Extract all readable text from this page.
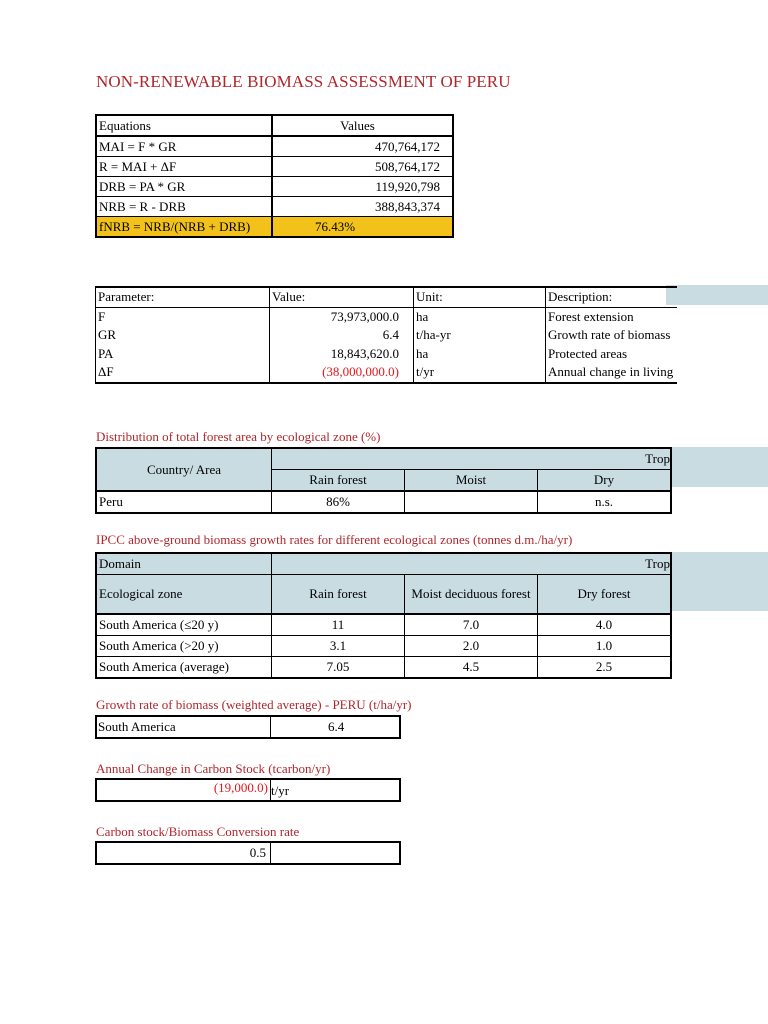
NON-RENEWABLE BIOMASS ASSESSMENT OF PERU
Equations	Values
MAI = F * GR	470,764,172
R = MAI + ΔF	508,764,172
DRB = PA * GR	119,920,798
NRB = R - DRB	388,843,374
fNRB = NRB/(NRB + DRB)	76.43%
Parameter:	Value:	Unit:	Description:
F	73,973,000.0	ha	Forest extension
GR	6.4	t/ha-yr	Growth rate of biomass
PA	18,843,620.0	ha	Protected areas
ΔF	(38,000,000.0)	t/yr	Annual change in living
Distribution of total forest area by ecological zone (%)
Country/ Area			Trop
	Rain forest	Moist	Dry
Peru	86%		n.s.
IPCC above-ground biomass growth rates for different ecological zones (tonnes d.m./ha/yr)
Domain			Trop
Ecological zone	Rain forest	Moist deciduous forest	Dry forest
South America (≤20 y)	11	7.0	4.0
South America (>20 y)	3.1	2.0	1.0
South America (average)	7.05	4.5	2.5
Growth rate of biomass (weighted average) - PERU (t/ha/yr)
South America	6.4
Annual Change in Carbon Stock (tcarbon/yr)
(19,000.0) t/yr
Carbon stock/Biomass Conversion rate
0.5
